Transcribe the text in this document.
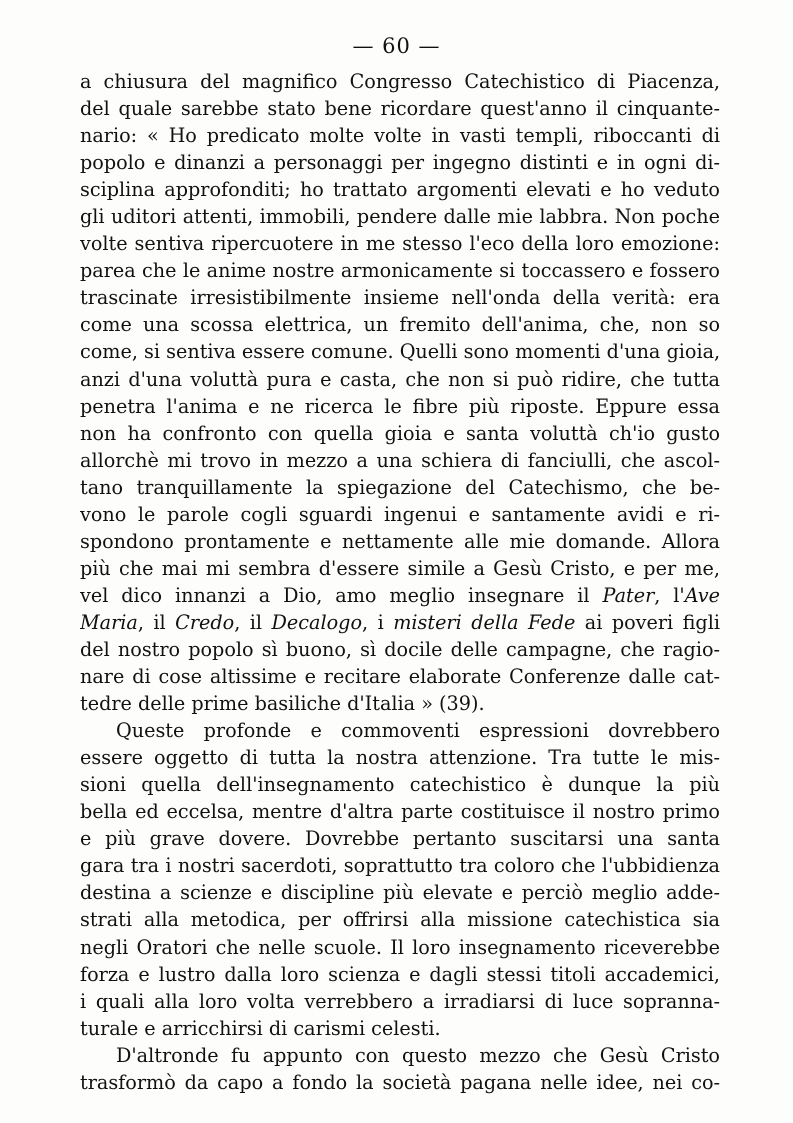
— 60 —
a chiusura del magnifico Congresso Catechistico di Piacenza,
del quale sarebbe stato bene ricordare quest'anno il cinquante-
nario: « Ho predicato molte volte in vasti templi, riboccanti di
popolo e dinanzi a personaggi per ingegno distinti e in ogni di-
sciplina approfonditi; ho trattato argomenti elevati e ho veduto
gli uditori attenti, immobili, pendere dalle mie labbra. Non poche
volte sentiva ripercuotere in me stesso l'eco della loro emozione:
parea che le anime nostre armonicamente si toccassero e fossero
trascinate irresistibilmente insieme nell'onda della verità: era
come una scossa elettrica, un fremito dell'anima, che, non so
come, si sentiva essere comune. Quelli sono momenti d'una gioia,
anzi d'una voluttà pura e casta, che non si può ridire, che tutta
penetra l'anima e ne ricerca le fibre più riposte. Eppure essa
non ha confronto con quella gioia e santa voluttà ch'io gusto
allorchè mi trovo in mezzo a una schiera di fanciulli, che ascol-
tano tranquillamente la spiegazione del Catechismo, che be-
vono le parole cogli sguardi ingenui e santamente avidi e ri-
spondono prontamente e nettamente alle mie domande. Allora
più che mai mi sembra d'essere simile a Gesù Cristo, e per me,
vel dico innanzi a Dio, amo meglio insegnare il Pater, l'Ave
Maria, il Credo, il Decalogo, i misteri della Fede ai poveri figli
del nostro popolo sì buono, sì docile delle campagne, che ragio-
nare di cose altissime e recitare elaborate Conferenze dalle cat-
tedre delle prime basiliche d'Italia » (39).
Queste profonde e commoventi espressioni dovrebbero
essere oggetto di tutta la nostra attenzione. Tra tutte le mis-
sioni quella dell'insegnamento catechistico è dunque la più
bella ed eccelsa, mentre d'altra parte costituisce il nostro primo
e più grave dovere. Dovrebbe pertanto suscitarsi una santa
gara tra i nostri sacerdoti, soprattutto tra coloro che l'ubbidienza
destina a scienze e discipline più elevate e perciò meglio adde-
strati alla metodica, per offrirsi alla missione catechistica sia
negli Oratori che nelle scuole. Il loro insegnamento riceverebbe
forza e lustro dalla loro scienza e dagli stessi titoli accademici,
i quali alla loro volta verrebbero a irradiarsi di luce sopranna-
turale e arricchirsi di carismi celesti.
D'altronde fu appunto con questo mezzo che Gesù Cristo
trasformò da capo a fondo la società pagana nelle idee, nei co-
